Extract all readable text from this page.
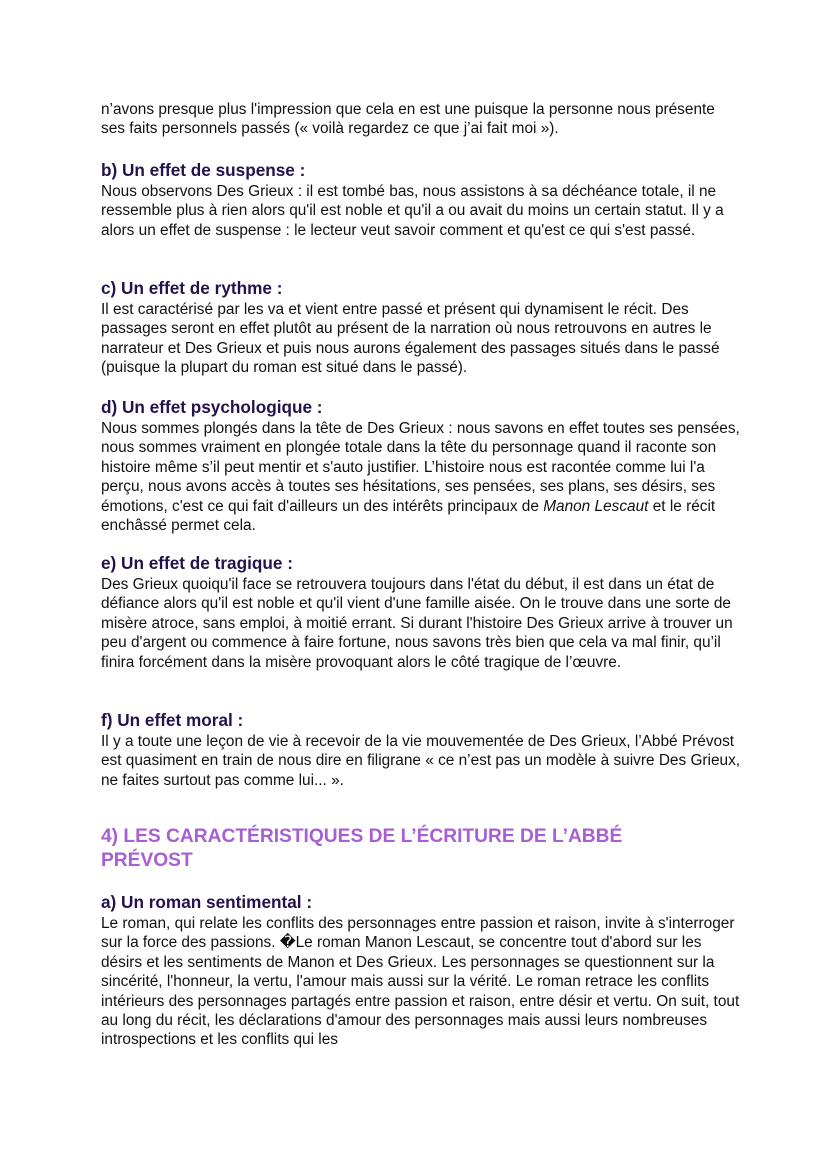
n’avons presque plus l'impression que cela en est une puisque la personne nous présente ses faits personnels passés (« voilà regardez ce que j’ai fait moi »).

b) Un effet de suspense :

Nous observons Des Grieux : il est tombé bas, nous assistons à sa déchéance totale, il ne ressemble plus à rien alors qu'il est noble et qu'il a ou avait du moins un certain statut. Il y a alors un effet de suspense : le lecteur veut savoir comment et qu'est ce qui s'est passé.

c) Un effet de rythme :

Il est caractérisé par les va et vient entre passé et présent qui dynamisent le récit. Des passages seront en effet plutôt au présent de la narration où nous retrouvons en autres le narrateur et Des Grieux et puis nous aurons également des passages situés dans le passé (puisque la plupart du roman est situé dans le passé).

d) Un effet psychologique :

Nous sommes plongés dans la tête de Des Grieux : nous savons en effet toutes ses pensées, nous sommes vraiment en plongée totale dans la tête du personnage quand il raconte son histoire même s’il peut mentir et s'auto justifier. L’histoire nous est racontée comme lui l'a perçu, nous avons accès à toutes ses hésitations, ses pensées, ses plans, ses désirs, ses émotions, c'est ce qui fait d'ailleurs un des intérêts principaux de Manon Lescaut et le récit enchâssé permet cela.

e) Un effet de tragique :

Des Grieux quoiqu'il face se retrouvera toujours dans l'état du début, il est dans un état de défiance alors qu'il est noble et qu'il vient d'une famille aisée. On le trouve dans une sorte de misère atroce, sans emploi, à moitié errant. Si durant l'histoire Des Grieux arrive à trouver un peu d'argent ou commence à faire fortune, nous savons très bien que cela va mal finir, qu’il finira forcément dans la misère provoquant alors le côté tragique de l’œuvre.

f) Un effet moral :

Il y a toute une leçon de vie à recevoir de la vie mouvementée de Des Grieux, l’Abbé Prévost est quasiment en train de nous dire en filigrane « ce n’est pas un modèle à suivre Des Grieux, ne faites surtout pas comme lui... ».

4) LES CARACTÉRISTIQUES DE L’ÉCRITURE DE L’ABBÉ PRÉVOST
a) Un roman sentimental :

Le roman, qui relate les conflits des personnages entre passion et raison, invite à s'interroger sur la force des passions. �Le roman Manon Lescaut, se concentre tout d'abord sur les désirs et les sentiments de Manon et Des Grieux. Les personnages se questionnent sur la sincérité, l'honneur, la vertu, l'amour mais aussi sur la vérité. Le roman retrace les conflits intérieurs des personnages partagés entre passion et raison, entre désir et vertu. On suit, tout au long du récit, les déclarations d'amour des personnages mais aussi leurs nombreuses introspections et les conflits qui les
